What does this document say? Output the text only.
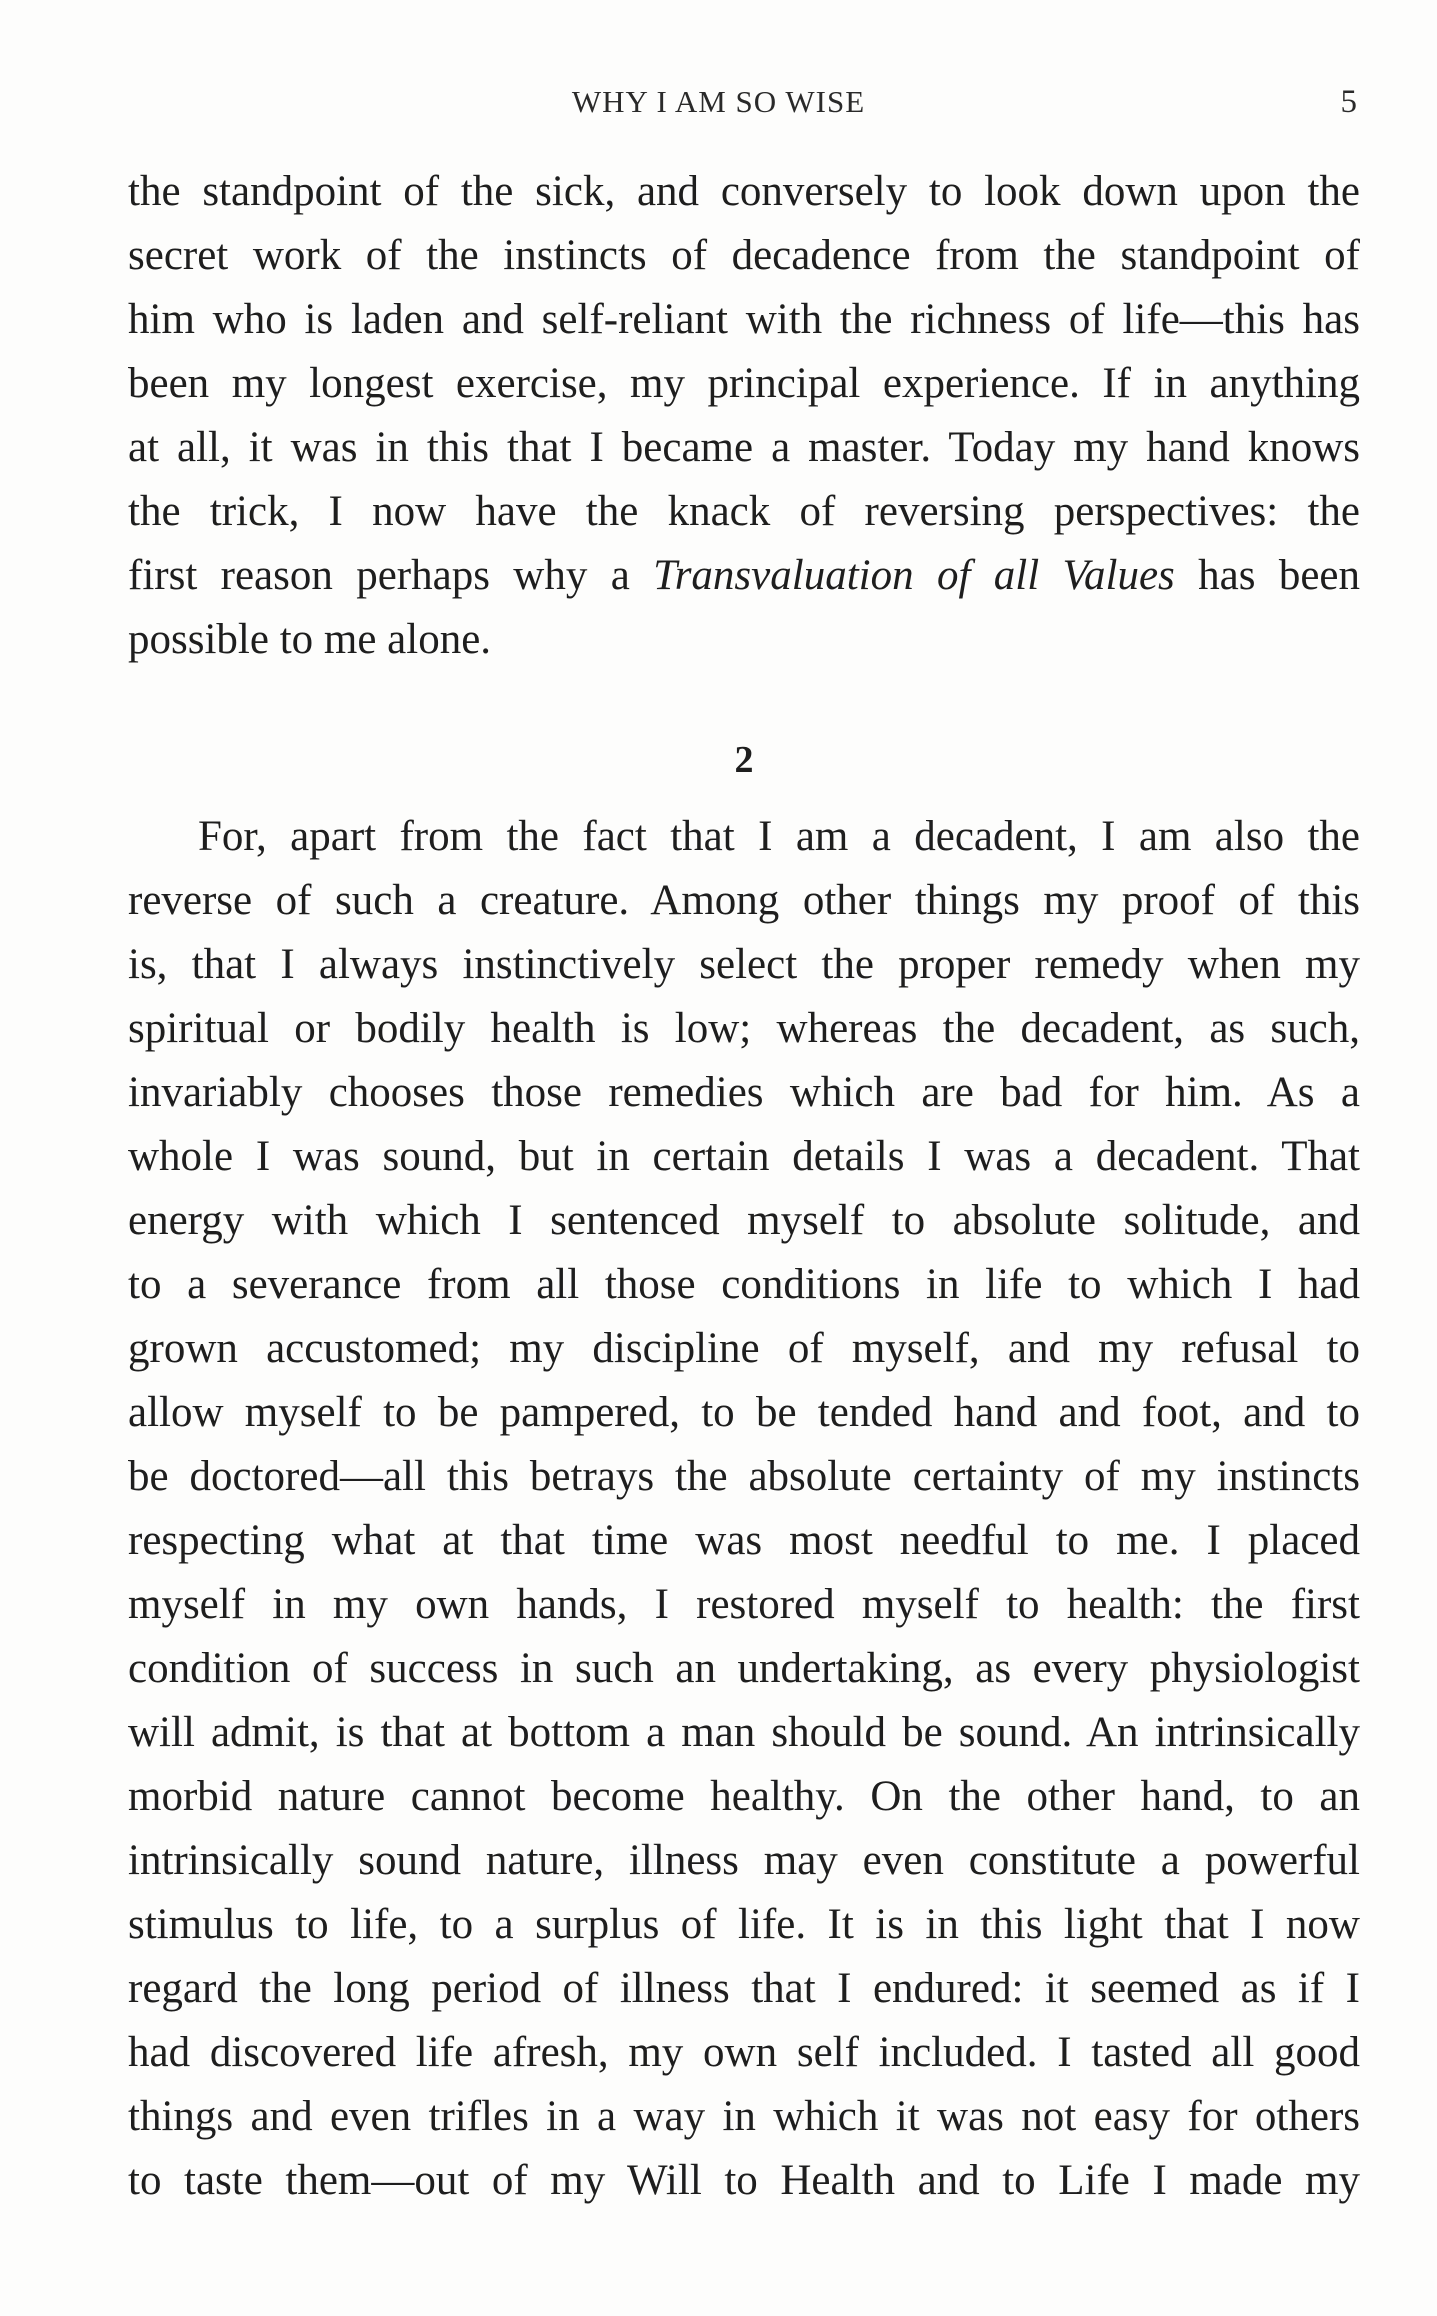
WHY I AM SO WISE	5
the standpoint of the sick, and conversely to look down upon the
secret work of the instincts of decadence from the standpoint of
him who is laden and self-reliant with the richness of life—this has
been my longest exercise, my principal experience. If in anything
at all, it was in this that I became a master. Today my hand knows
the trick, I now have the knack of reversing perspectives: the
first reason perhaps why a Transvaluation of all Values has been
possible to me alone.
2
For, apart from the fact that I am a decadent, I am also the
reverse of such a creature. Among other things my proof of this
is, that I always instinctively select the proper remedy when my
spiritual or bodily health is low; whereas the decadent, as such,
invariably chooses those remedies which are bad for him. As a
whole I was sound, but in certain details I was a decadent. That
energy with which I sentenced myself to absolute solitude, and
to a severance from all those conditions in life to which I had
grown accustomed; my discipline of myself, and my refusal to
allow myself to be pampered, to be tended hand and foot, and to
be doctored—all this betrays the absolute certainty of my instincts
respecting what at that time was most needful to me. I placed
myself in my own hands, I restored myself to health: the first
condition of success in such an undertaking, as every physiologist
will admit, is that at bottom a man should be sound. An intrinsically
morbid nature cannot become healthy. On the other hand, to an
intrinsically sound nature, illness may even constitute a powerful
stimulus to life, to a surplus of life. It is in this light that I now
regard the long period of illness that I endured: it seemed as if I
had discovered life afresh, my own self included. I tasted all good
things and even trifles in a way in which it was not easy for others
to taste them—out of my Will to Health and to Life I made my
